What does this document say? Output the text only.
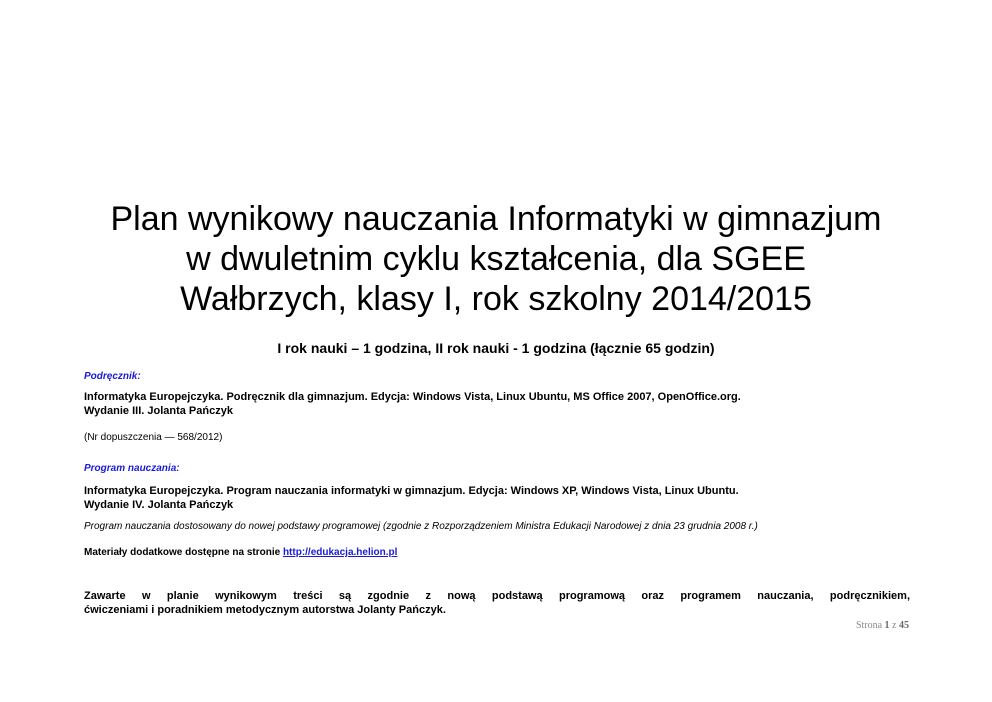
Plan wynikowy nauczania Informatyki w gimnazjum
w dwuletnim cyklu kształcenia, dla SGEE
Wałbrzych, klasy I, rok szkolny 2014/2015
I rok nauki – 1 godzina, II rok nauki - 1 godzina (łącznie 65 godzin)
Podręcznik:
Informatyka Europejczyka. Podręcznik dla gimnazjum. Edycja: Windows Vista, Linux Ubuntu, MS Office 2007, OpenOffice.org.
Wydanie III. Jolanta Pańczyk
(Nr dopuszczenia — 568/2012)
Program nauczania:
Informatyka Europejczyka. Program nauczania informatyki w gimnazjum. Edycja: Windows XP, Windows Vista, Linux Ubuntu.
Wydanie IV. Jolanta Pańczyk
Program nauczania dostosowany do nowej podstawy programowej (zgodnie z Rozporządzeniem Ministra Edukacji Narodowej z dnia 23 grudnia 2008 r.)
Materiały dodatkowe dostępne na stronie http://edukacja.helion.pl
Zawarte w planie wynikowym treści są zgodnie z nową podstawą programową oraz programem nauczania, podręcznikiem,
ćwiczeniami i poradnikiem metodycznym autorstwa Jolanty Pańczyk.
Strona 1 z 45
